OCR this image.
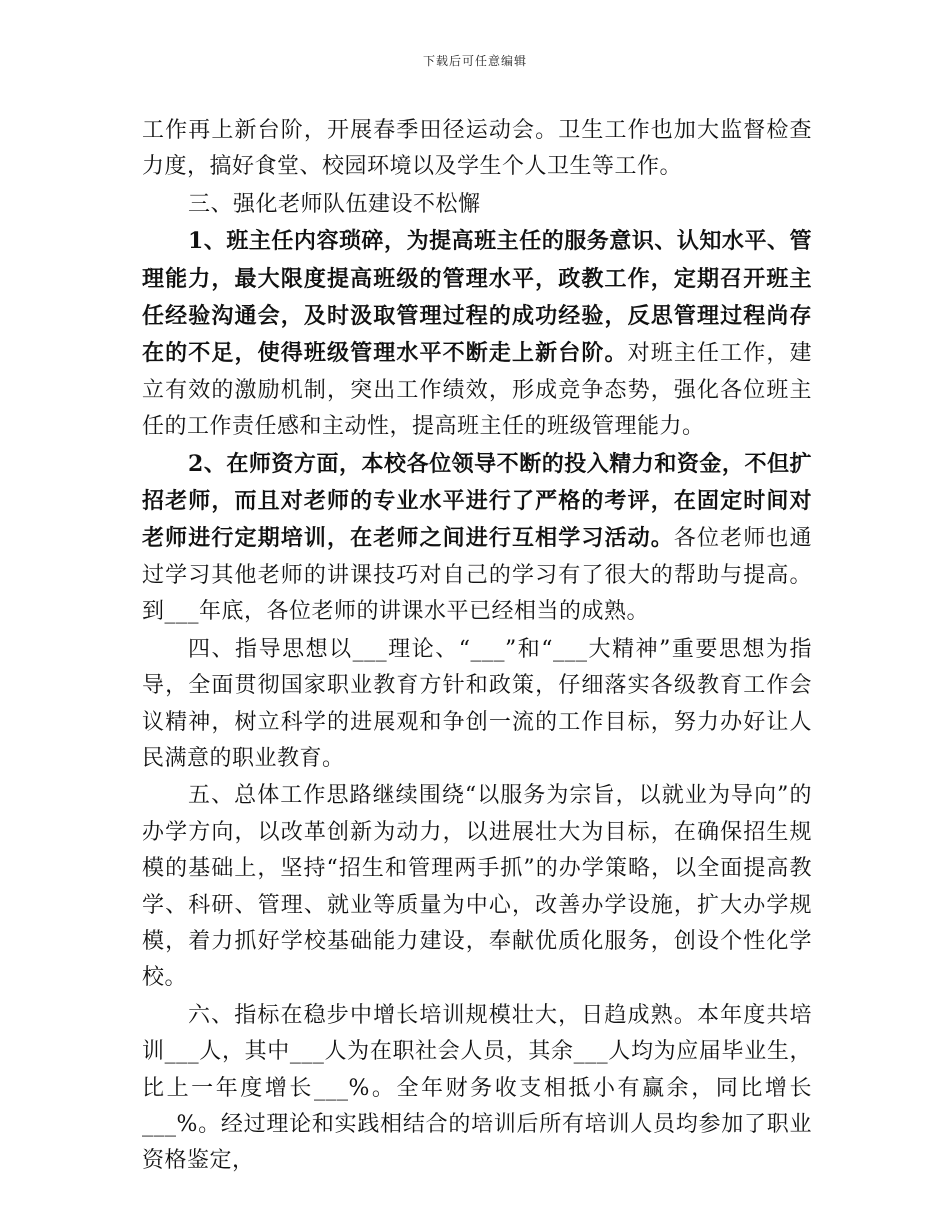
下载后可任意编辑

工作再上新台阶，开展春季田径运动会。卫生工作也加大监督检查力度，搞好食堂、校园环境以及学生个人卫生等工作。

三、强化老师队伍建设不松懈

1、班主任内容琐碎，为提高班主任的服务意识、认知水平、管理能力，最大限度提高班级的管理水平，政教工作，定期召开班主任经验沟通会，及时汲取管理过程的成功经验，反思管理过程尚存在的不足，使得班级管理水平不断走上新台阶。对班主任工作，建立有效的激励机制，突出工作绩效，形成竞争态势，强化各位班主任的工作责任感和主动性，提高班主任的班级管理能力。

2、在师资方面，本校各位领导不断的投入精力和资金，不但扩招老师，而且对老师的专业水平进行了严格的考评，在固定时间对老师进行定期培训，在老师之间进行互相学习活动。各位老师也通过学习其他老师的讲课技巧对自己的学习有了很大的帮助与提高。到___年底，各位老师的讲课水平已经相当的成熟。

四、指导思想以___理论、“___”和“___大精神”重要思想为指导，全面贯彻国家职业教育方针和政策，仔细落实各级教育工作会议精神，树立科学的进展观和争创一流的工作目标，努力办好让人民满意的职业教育。

五、总体工作思路继续围绕“以服务为宗旨，以就业为导向”的办学方向，以改革创新为动力，以进展壮大为目标，在确保招生规模的基础上，坚持“招生和管理两手抓”的办学策略，以全面提高教学、科研、管理、就业等质量为中心，改善办学设施，扩大办学规模，着力抓好学校基础能力建设，奉献优质化服务，创设个性化学校。

六、指标在稳步中增长培训规模壮大，日趋成熟。本年度共培训___人，其中___人为在职社会人员，其余___人均为应届毕业生，比上一年度增长___%。全年财务收支相抵小有赢余，同比增长___%。经过理论和实践相结合的培训后所有培训人员均参加了职业资格鉴定，
